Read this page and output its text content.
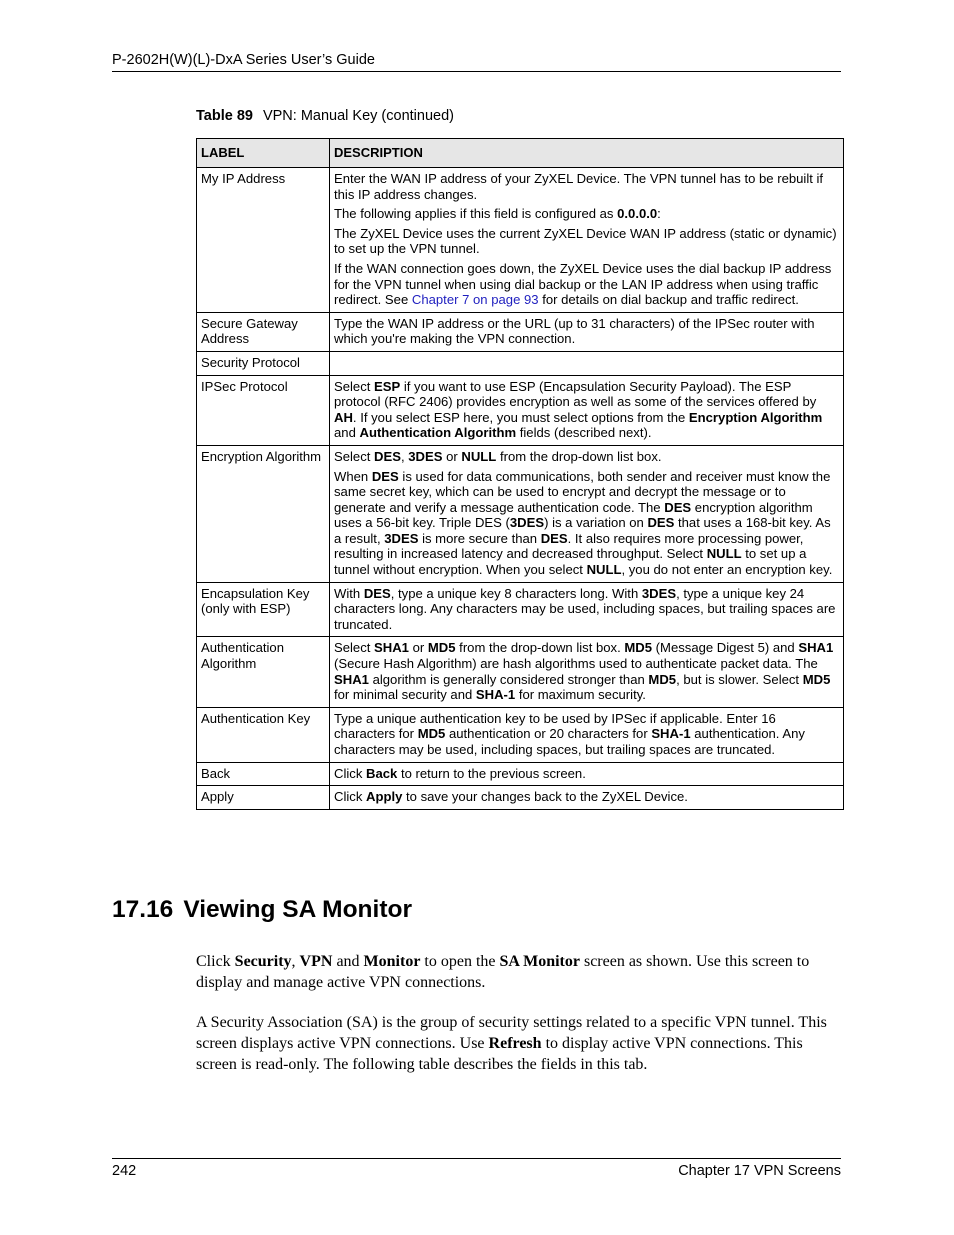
P-2602H(W)(L)-DxA Series User’s Guide
Table 89 VPN: Manual Key (continued)
LABEL	DESCRIPTION
My IP Address	Enter the WAN IP address of your ZyXEL Device. The VPN tunnel has to be rebuilt if this IP address changes.

The following applies if this field is configured as 0.0.0.0:

The ZyXEL Device uses the current ZyXEL Device WAN IP address (static or dynamic) to set up the VPN tunnel.

If the WAN connection goes down, the ZyXEL Device uses the dial backup IP address for the VPN tunnel when using dial backup or the LAN IP address when using traffic redirect. See Chapter 7 on page 93 for details on dial backup and traffic redirect.

Secure Gateway Address	Type the WAN IP address or the URL (up to 31 characters) of the IPSec router with which you're making the VPN connection.

Security Protocol	
IPSec Protocol	Select ESP if you want to use ESP (Encapsulation Security Payload). The ESP protocol (RFC 2406) provides encryption as well as some of the services offered by AH. If you select ESP here, you must select options from the Encryption Algorithm and Authentication Algorithm fields (described next).

Encryption Algorithm	Select DES, 3DES or NULL from the drop-down list box.

When DES is used for data communications, both sender and receiver must know the same secret key, which can be used to encrypt and decrypt the message or to generate and verify a message authentication code. The DES encryption algorithm uses a 56-bit key. Triple DES (3DES) is a variation on DES that uses a 168-bit key. As a result, 3DES is more secure than DES. It also requires more processing power, resulting in increased latency and decreased throughput. Select NULL to set up a tunnel without encryption. When you select NULL, you do not enter an encryption key.

Encapsulation Key (only with ESP)	With DES, type a unique key 8 characters long. With 3DES, type a unique key 24 characters long. Any characters may be used, including spaces, but trailing spaces are truncated.

Authentication Algorithm	Select SHA1 or MD5 from the drop-down list box. MD5 (Message Digest 5) and SHA1 (Secure Hash Algorithm) are hash algorithms used to authenticate packet data. The SHA1 algorithm is generally considered stronger than MD5, but is slower. Select MD5 for minimal security and SHA-1 for maximum security.

Authentication Key	Type a unique authentication key to be used by IPSec if applicable. Enter 16 characters for MD5 authentication or 20 characters for SHA-1 authentication. Any characters may be used, including spaces, but trailing spaces are truncated.

Back	Click Back to return to the previous screen.

Apply	Click Apply to save your changes back to the ZyXEL Device.

17.16 Viewing SA Monitor

Click Security, VPN and Monitor to open the SA Monitor screen as shown. Use this screen to display and manage active VPN connections.

A Security Association (SA) is the group of security settings related to a specific VPN tunnel. This screen displays active VPN connections. Use Refresh to display active VPN connections. This screen is read-only. The following table describes the fields in this tab.

242	Chapter 17 VPN Screens
